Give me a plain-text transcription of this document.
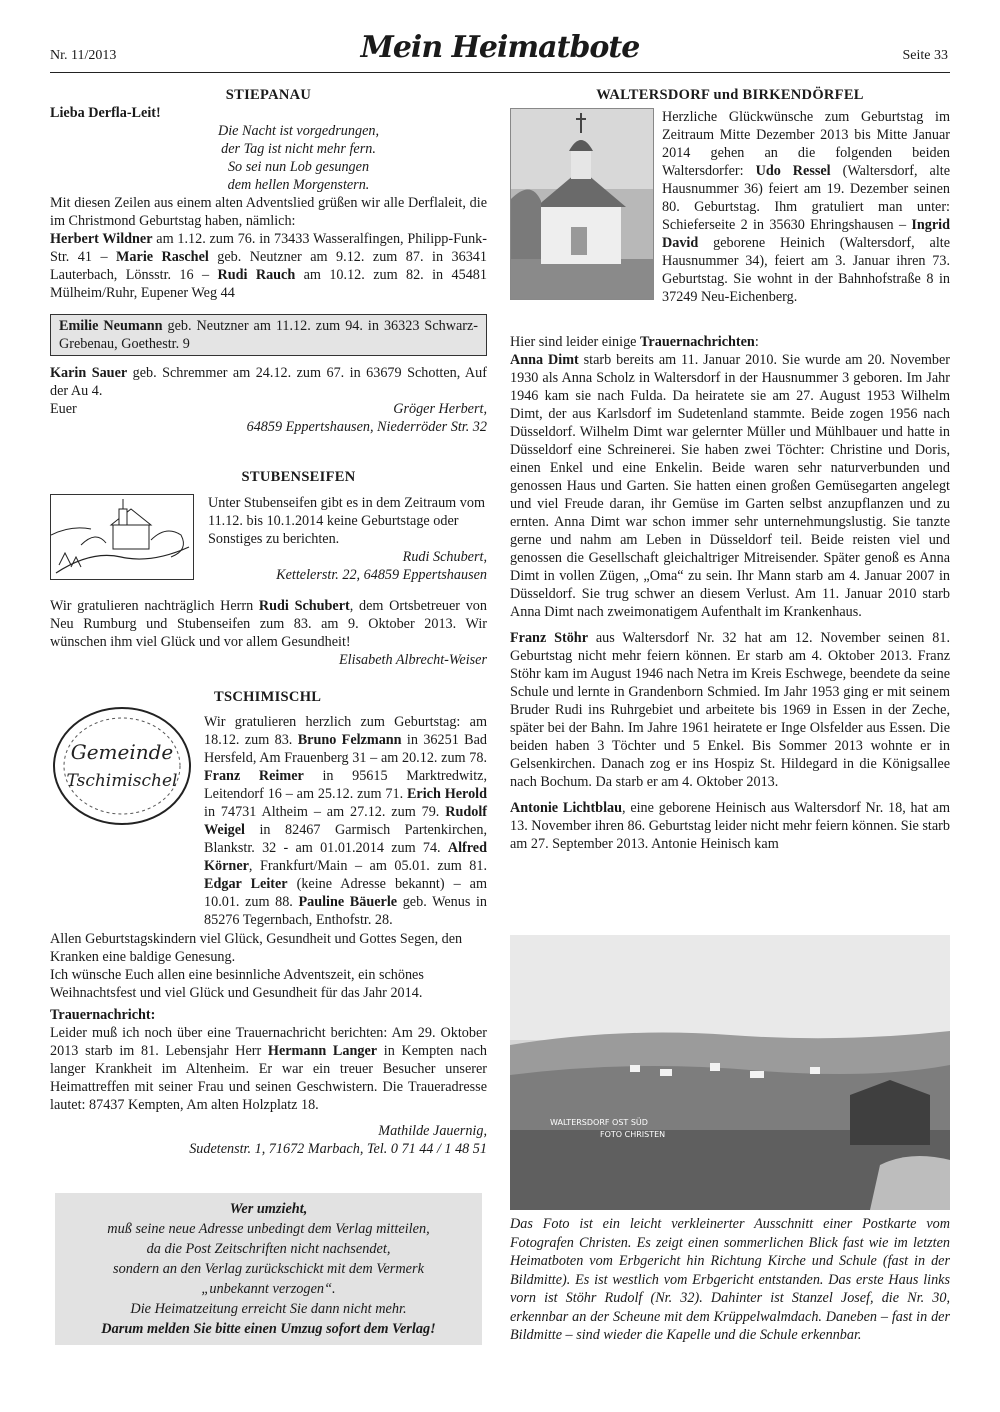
Nr. 11/2013	Mein Heimatbote	Seite 33
STIEPANAU
Lieba Derfla-Leit!
Die Nacht ist vorgedrungen,
der Tag ist nicht mehr fern.
So sei nun Lob gesungen
dem hellen Morgenstern.

Mit diesen Zeilen aus einem alten Adventslied grüßen wir alle Derflaleit, die im Christmond Geburtstag haben, nämlich:

Herbert Wildner am 1.12. zum 76. in 73433 Wasseralfingen, Philipp-Funk-Str. 41 – Marie Raschel geb. Neutzner am 9.12. zum 87. in 36341 Lauterbach, Lönsstr. 16 – Rudi Rauch am 10.12. zum 82. in 45481 Mülheim/Ruhr, Eupener Weg 44

Emilie Neumann geb. Neutzner am 11.12. zum 94. in 36323 Schwarz-Grebenau, Goethestr. 9

Karin Sauer geb. Schremmer am 24.12. zum 67. in 63679 Schotten, Auf der Au 4.

Euer	Gröger Herbert,
64859 Eppertshausen, Niederröder Str. 32
STUBENSEIFEN

Unter Stubenseifen gibt es in dem Zeitraum vom 11.12. bis 10.1.2014 keine Geburtstage oder Sonstiges zu berichten.

Rudi Schubert,
Kettelerstr. 22, 64859 Eppertshausen

Wir gratulieren nachträglich Herrn Rudi Schubert, dem Ortsbetreuer von Neu Rumburg und Stubenseifen zum 83. am 9. Oktober 2013. Wir wünschen ihm viel Glück und vor allem Gesundheit!

Elisabeth Albrecht-Weiser
TSCHIMISCHL
Gemeinde
Tschimischel

Wir gratulieren herzlich zum Geburtstag: am 18.12. zum 83. Bruno Felzmann in 36251 Bad Hersfeld, Am Frauenberg 31 – am 20.12. zum 78. Franz Reimer in 95615 Marktredwitz, Leitendorf 16 – am 25.12. zum 71. Erich Herold in 74731 Altheim – am 27.12. zum 79. Rudolf Weigel in 82467 Garmisch Partenkirchen, Blankstr. 32 - am 01.01.2014 zum 74. Alfred Körner, Frankfurt/Main – am 05.01. zum 81. Edgar Leiter (keine Adresse bekannt) – am 10.01. zum 88. Pauline Bäuerle geb. Wenus in 85276 Tegernbach, Enthofstr. 28.

Allen Geburtstagskindern viel Glück, Gesundheit und Gottes Segen, den Kranken eine baldige Genesung.

Ich wünsche Euch allen eine besinnliche Adventszeit, ein schönes Weihnachtsfest und viel Glück und Gesundheit für das Jahr 2014.

Trauernachricht:

Leider muß ich noch über eine Trauernachricht berichten: Am 29. Oktober 2013 starb im 81. Lebensjahr Herr Hermann Langer in Kempten nach langer Krankheit im Altenheim. Er war ein treuer Besucher unserer Heimattreffen mit seiner Frau und seinen Geschwistern. Die Traueradresse lautet: 87437 Kempten, Am alten Holzplatz 18.

Mathilde Jauernig,
Sudetenstr. 1, 71672 Marbach, Tel. 0 71 44 / 1 48 51
Wer umzieht,
muß seine neue Adresse unbedingt dem Verlag mitteilen,
da die Post Zeitschriften nicht nachsendet,
sondern an den Verlag zurückschickt mit dem Vermerk
„unbekannt verzogen“.
Die Heimatzeitung erreicht Sie dann nicht mehr.
Darum melden Sie bitte einen Umzug sofort dem Verlag!
WALTERSDORF und BIRKENDÖRFEL

Herzliche Glückwünsche zum Geburtstag im Zeitraum Mitte Dezember 2013 bis Mitte Januar 2014 gehen an die folgenden beiden Waltersdorfer: Udo Ressel (Waltersdorf, alte Hausnummer 36) feiert am 19. Dezember seinen 80. Geburtstag. Ihm gratuliert man unter: Schieferseite 2 in 35630 Ehringshausen – Ingrid David geborene Heinich (Waltersdorf, alte Hausnummer 34), feiert am 3. Januar ihren 73. Geburtstag. Sie wohnt in der Bahnhofstraße 8 in 37249 Neu-Eichenberg.

Hier sind leider einige Trauernachrichten:

Anna Dimt starb bereits am 11. Januar 2010. Sie wurde am 20. November 1930 als Anna Scholz in Waltersdorf in der Hausnummer 3 geboren. Im Jahr 1946 kam sie nach Fulda. Da heiratete sie am 27. August 1953 Wilhelm Dimt, der aus Karlsdorf im Sudetenland stammte. Beide zogen 1956 nach Düsseldorf. Wilhelm Dimt war gelernter Müller und Mühlbauer und hatte in Düsseldorf eine Schreinerei. Sie haben zwei Töchter: Christine und Doris, einen Enkel und eine Enkelin. Beide waren sehr naturverbunden und genossen Haus und Garten. Sie hatten einen großen Gemüsegarten angelegt und viel Freude daran, ihr Gemüse im Garten selbst anzupflanzen und zu ernten. Anna Dimt war schon immer sehr unternehmungslustig. Sie tanzte gerne und nahm am Leben in Düsseldorf teil. Beide reisten viel und genossen die Gesellschaft gleichaltriger Mitreisender. Später genoß es Anna Dimt in vollen Zügen, „Oma“ zu sein. Ihr Mann starb am 4. Januar 2007 in Düsseldorf. Sie trug schwer an diesem Verlust. Am 11. Januar 2010 starb Anna Dimt nach zweimonatigem Aufenthalt im Krankenhaus.

Franz Stöhr aus Waltersdorf Nr. 32 hat am 12. November seinen 81. Geburtstag nicht mehr feiern können. Er starb am 4. Oktober 2013. Franz Stöhr kam im August 1946 nach Netra im Kreis Eschwege, beendete da seine Schule und lernte in Grandenborn Schmied. Im Jahr 1953 ging er mit seinem Bruder Rudi ins Ruhrgebiet und arbeitete bis 1969 in Essen in der Zeche, später bei der Bahn. Im Jahre 1961 heiratete er Inge Olsfelder aus Essen. Die beiden haben 3 Töchter und 5 Enkel. Bis Sommer 2013 wohnte er in Gelsenkirchen. Danach zog er ins Hospiz St. Hildegard in die Königsallee nach Bochum. Da starb er am 4. Oktober 2013.

Antonie Lichtblau, eine geborene Heinisch aus Waltersdorf Nr. 18, hat am 13. November ihren 86. Geburtstag leider nicht mehr feiern können. Sie starb am 27. September 2013. Antonie Heinisch kam

WALTERSDORF OST SÜD
FOTO CHRISTEN
Das Foto ist ein leicht verkleinerter Ausschnitt einer Postkarte vom Fotografen Christen. Es zeigt einen sommerlichen Blick fast wie im letzten Heimatboten vom Erbgericht hin Richtung Kirche und Schule (fast in der Bildmitte). Es ist westlich vom Erbgericht entstanden. Das erste Haus links vorn ist Stöhr Rudolf (Nr. 32). Dahinter ist Stanzel Josef, die Nr. 30, erkennbar an der Scheune mit dem Krüppelwalmdach. Daneben – fast in der Bildmitte – sind wieder die Kapelle und die Schule erkennbar.
